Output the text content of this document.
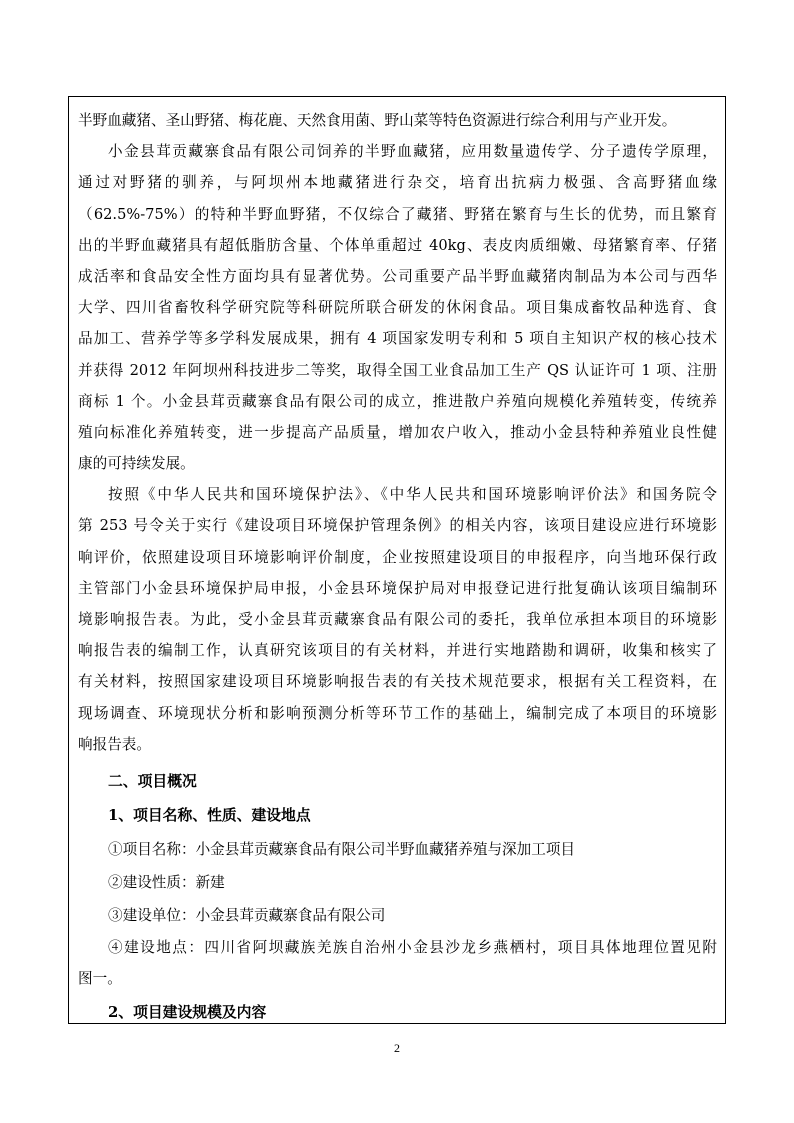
半野血藏猪、圣山野猪、梅花鹿、天然食用菌、野山菜等特色资源进行综合利用与产业开发。
小金县茸贡藏寨食品有限公司饲养的半野血藏猪，应用数量遗传学、分子遗传学原理，
通过对野猪的驯养，与阿坝州本地藏猪进行杂交，培育出抗病力极强、含高野猪血缘
（62.5%-75%）的特种半野血野猪，不仅综合了藏猪、野猪在繁育与生长的优势，而且繁育
出的半野血藏猪具有超低脂肪含量、个体单重超过 40kg、表皮肉质细嫩、母猪繁育率、仔猪
成活率和食品安全性方面均具有显著优势。公司重要产品半野血藏猪肉制品为本公司与西华
大学、四川省畜牧科学研究院等科研院所联合研发的休闲食品。项目集成畜牧品种选育、食
品加工、营养学等多学科发展成果，拥有 4 项国家发明专利和 5 项自主知识产权的核心技术
并获得 2012 年阿坝州科技进步二等奖，取得全国工业食品加工生产 QS 认证许可 1 项、注册
商标 1 个。小金县茸贡藏寨食品有限公司的成立，推进散户养殖向规模化养殖转变，传统养
殖向标准化养殖转变，进一步提高产品质量，增加农户收入，推动小金县特种养殖业良性健
康的可持续发展。
按照《中华人民共和国环境保护法》、《中华人民共和国环境影响评价法》和国务院令
第 253 号令关于实行《建设项目环境保护管理条例》的相关内容，该项目建设应进行环境影
响评价，依照建设项目环境影响评价制度，企业按照建设项目的申报程序，向当地环保行政
主管部门小金县环境保护局申报，小金县环境保护局对申报登记进行批复确认该项目编制环
境影响报告表。为此，受小金县茸贡藏寨食品有限公司的委托，我单位承担本项目的环境影
响报告表的编制工作，认真研究该项目的有关材料，并进行实地踏勘和调研，收集和核实了
有关材料，按照国家建设项目环境影响报告表的有关技术规范要求，根据有关工程资料，在
现场调查、环境现状分析和影响预测分析等环节工作的基础上，编制完成了本项目的环境影
响报告表。
二、项目概况
1、项目名称、性质、建设地点
①项目名称：小金县茸贡藏寨食品有限公司半野血藏猪养殖与深加工项目
②建设性质：新建
③建设单位：小金县茸贡藏寨食品有限公司
④建设地点：四川省阿坝藏族羌族自治州小金县沙龙乡燕栖村，项目具体地理位置见附
图一。
2、项目建设规模及内容
2
